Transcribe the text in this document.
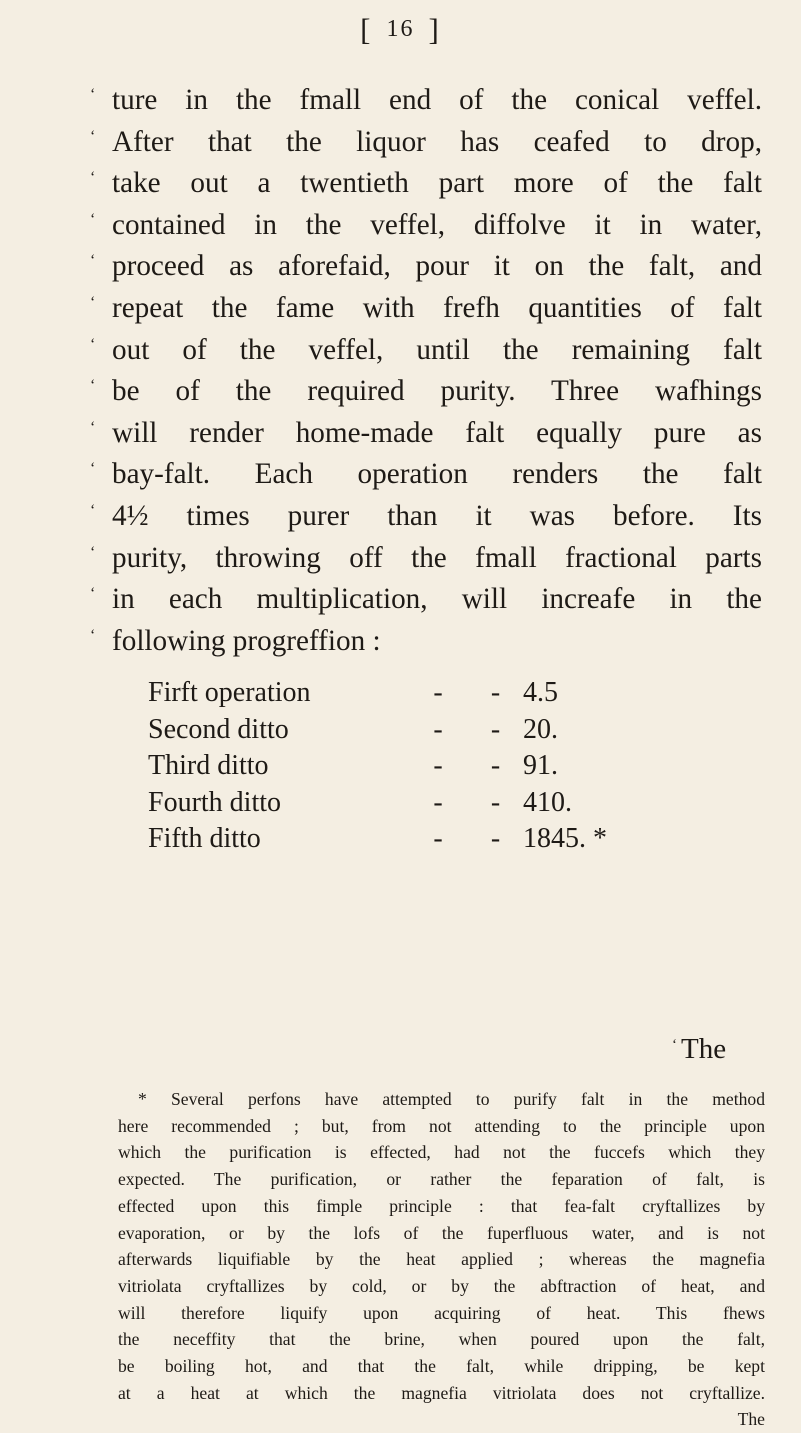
[ 16 ]
‘ ture in the fmall end of the conical veffel.
‘ After that the liquor has ceafed to drop,
‘ take out a twentieth part more of the falt
‘ contained in the veffel, diffolve it in water,
‘ proceed as aforefaid, pour it on the falt, and
‘ repeat the fame with frefh quantities of falt
‘ out of the veffel, until the remaining falt
‘ be of the required purity. Three wafhings
‘ will render home-made falt equally pure as
‘ bay-falt. Each operation renders the falt
‘ 4½ times purer than it was before. Its
‘ purity, throwing off the fmall fractional parts
‘ in each multiplication, will increafe in the
‘ following progreffion :
Firft operation	-	- 4.5
Second ditto	-	- 20.
Third ditto	-	- 91.
Fourth ditto	-	- 410.
Fifth ditto	-	- 1845. *
‘ The
* Several perfons have attempted to purify falt in the method
here recommended ; but, from not attending to the principle upon
which the purification is effected, had not the fuccefs which they
expected. The purification, or rather the feparation of falt, is
effected upon this fimple principle : that fea-falt cryftallizes by
evaporation, or by the lofs of the fuperfluous water, and is not
afterwards liquifiable by the heat applied ; whereas the magnefia
vitriolata cryftallizes by cold, or by the abftraction of heat, and
will therefore liquify upon acquiring of heat. This fhews
the neceffity that the brine, when poured upon the falt,
be boiling hot, and that the falt, while dripping, be kept
at a heat at which the magnefia vitriolata does not cryftallize.
The
